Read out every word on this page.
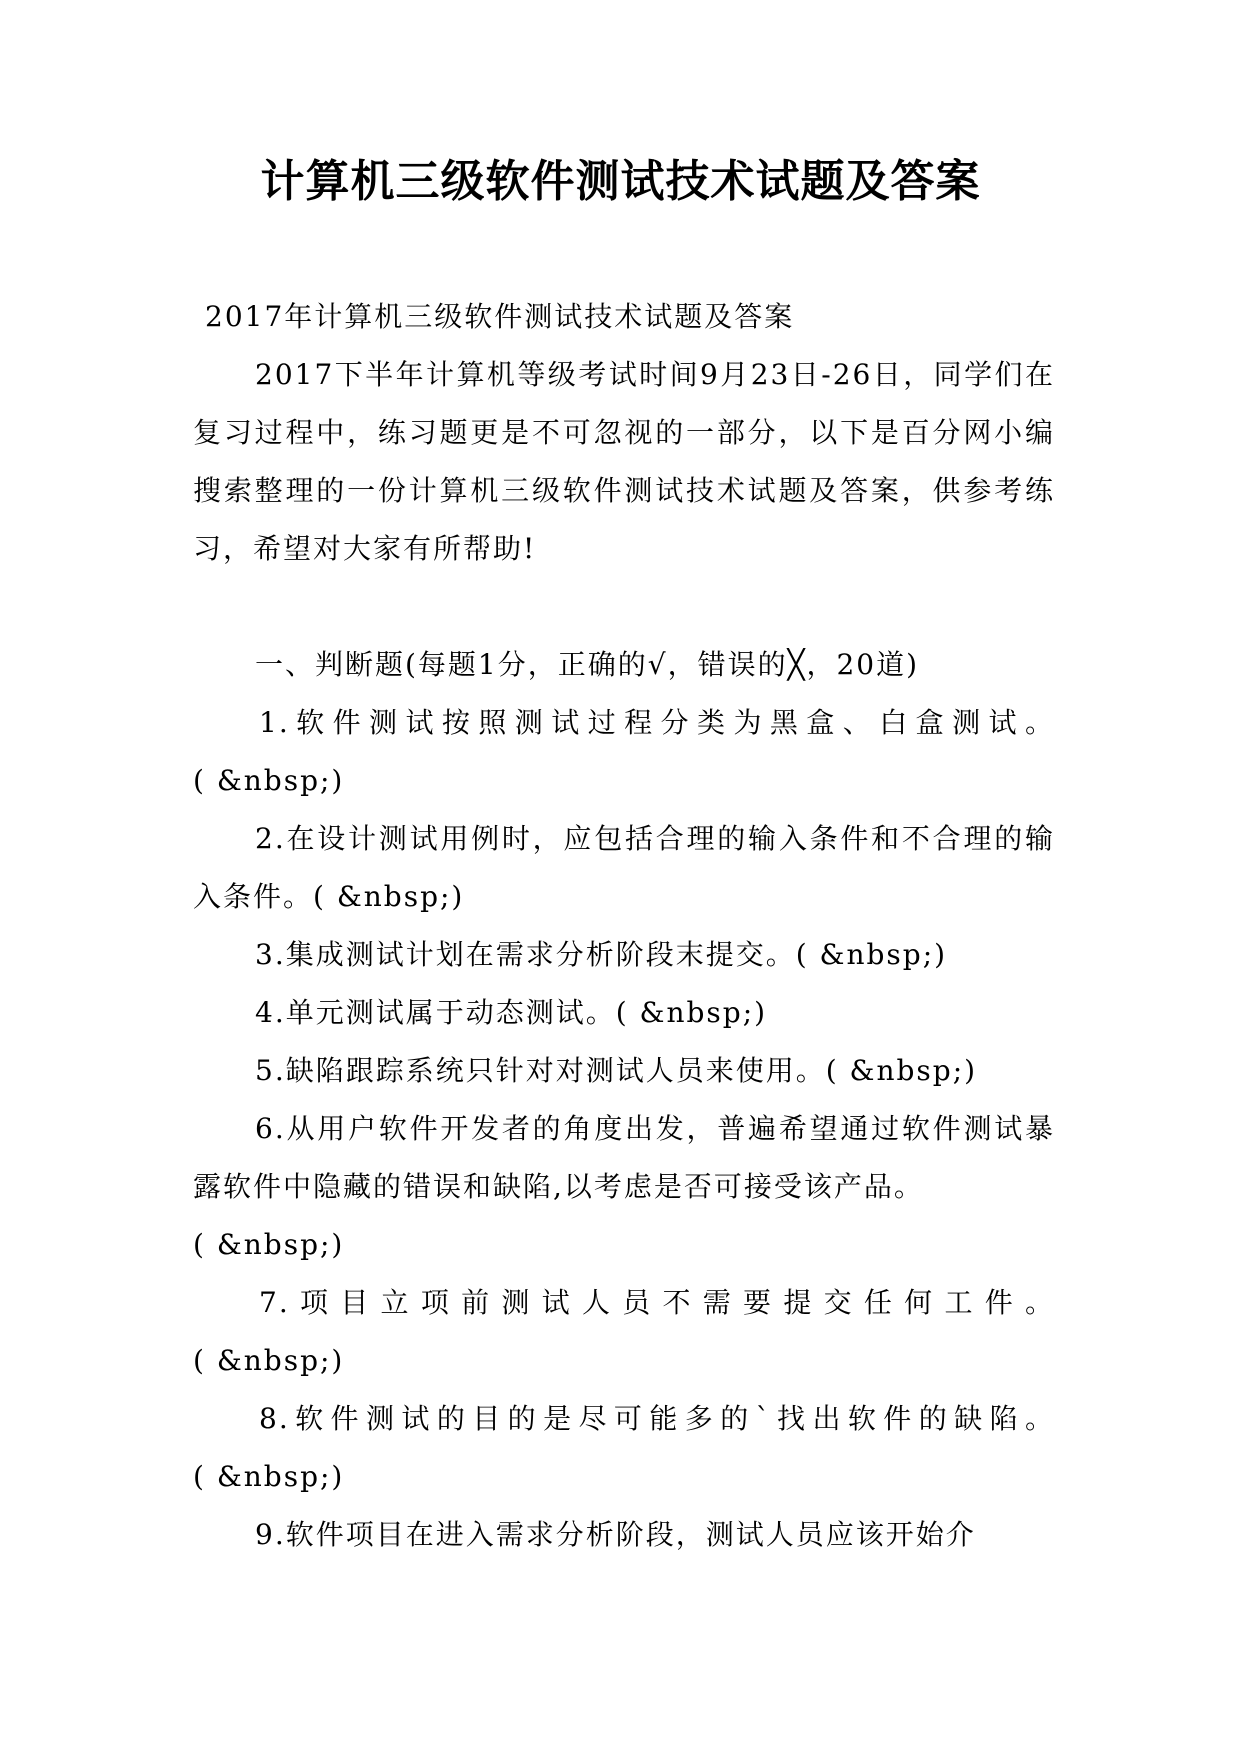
计算机三级软件测试技术试题及答案

2017年计算机三级软件测试技术试题及答案

2017下半年计算机等级考试时间9月23日-26日，同学们在复习过程中，练习题更是不可忽视的一部分，以下是百分网小编搜索整理的一份计算机三级软件测试技术试题及答案，供参考练习，希望对大家有所帮助!

一、判断题(每题1分，正确的√，错误的╳，20道)

1.软件测试按照测试过程分类为黑盒、白盒测试。

( &nbsp;)

2.在设计测试用例时，应包括合理的输入条件和不合理的输入条件。( &nbsp;)

3.集成测试计划在需求分析阶段末提交。( &nbsp;)

4.单元测试属于动态测试。( &nbsp;)

5.缺陷跟踪系统只针对对测试人员来使用。( &nbsp;)

6.从用户软件开发者的角度出发，普遍希望通过软件测试暴露软件中隐藏的错误和缺陷,以考虑是否可接受该产品。

( &nbsp;)

7.项目立项前测试人员不需要提交任何工件。

( &nbsp;)

8.软件测试的目的是尽可能多的`找出软件的缺陷。

( &nbsp;)

9.软件项目在进入需求分析阶段，测试人员应该开始介
